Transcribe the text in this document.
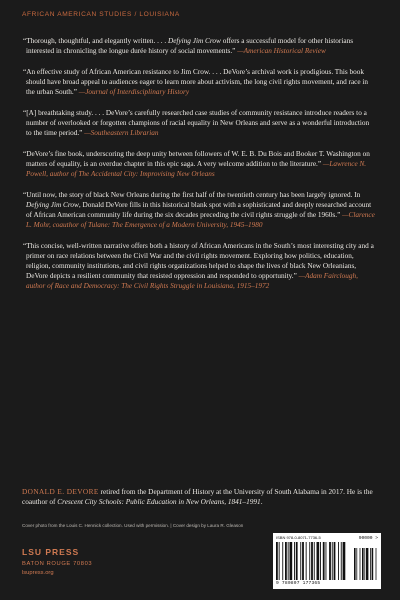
AFRICAN AMERICAN STUDIES / LOUISIANA

“Thorough, thoughtful, and elegantly written. . . . Defying Jim Crow offers a successful model for other historians interested in chronicling the longue durée history of social movements.” —American Historical Review

“An effective study of African American resistance to Jim Crow. . . . DeVore’s archival work is prodigious. This book should have broad appeal to audiences eager to learn more about activism, the long civil rights movement, and race in the urban South.” —Journal of Interdisciplinary History

“[A] breathtaking study. . . . DeVore’s carefully researched case studies of community resistance introduce readers to a number of overlooked or forgotten champions of racial equality in New Orleans and serve as a wonderful introduction to the time period.” —Southeastern Librarian

“DeVore’s fine book, underscoring the deep unity between followers of W. E. B. Du Bois and Booker T. Washington on matters of equality, is an overdue chapter in this epic saga. A very welcome addition to the literature.” —Lawrence N. Powell, author of The Accidental City: Improvising New Orleans

“Until now, the story of black New Orleans during the first half of the twentieth century has been largely ignored. In Defying Jim Crow, Donald DeVore fills in this historical blank spot with a sophisticated and deeply researched account of African American community life during the six decades preceding the civil rights struggle of the 1960s.” —Clarence L. Mohr, coauthor of Tulane: The Emergence of a Modern University, 1945–1980

“This concise, well-written narrative offers both a history of African Americans in the South’s most interesting city and a primer on race relations between the Civil War and the civil rights movement. Exploring how politics, education, religion, community institutions, and civil rights organizations helped to shape the lives of black New Orleanians, DeVore depicts a resilient community that resisted oppression and responded to opportunity.” —Adam Fairclough, author of Race and Democracy: The Civil Rights Struggle in Louisiana, 1915–1972

DONALD E. DEVORE retired from the Department of History at the University of South Alabama in 2017. He is the coauthor of Crescent City Schools: Public Education in New Orleans, 1841–1991.
Cover photo from the Louis C. Hennick collection. Used with permission. | Cover design by Laura R. Gleason
LSU PRESS
BATON ROUGE 70803
lsupress.org
ISBN 978-0-8071-7736-5	90000 >
9 780807 177365
